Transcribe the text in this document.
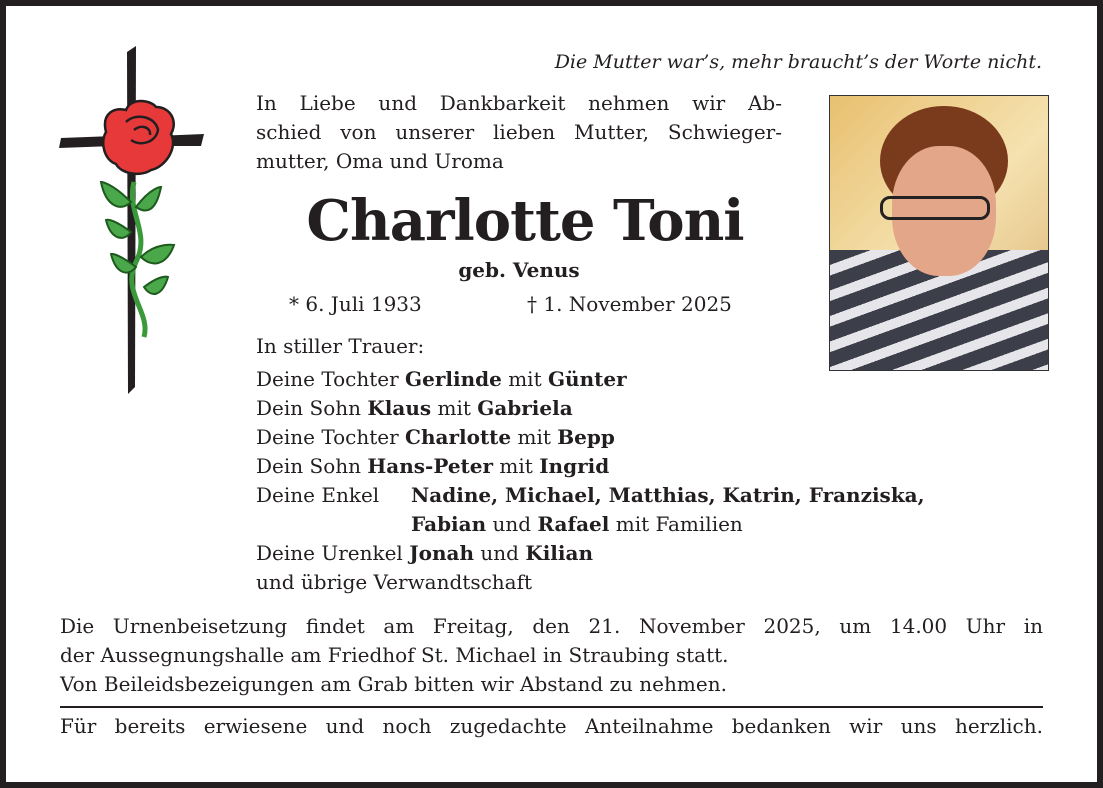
Die Mutter war’s, mehr braucht’s der Worte nicht.
In Liebe und Dankbarkeit nehmen wir Ab-
schied von unserer lieben Mutter, Schwieger-
mutter, Oma und Uroma
Charlotte Toni
geb. Venus
* 6. Juli 1933	† 1. November 2025
In stiller Trauer:
Deine Tochter Gerlinde mit Günter
Dein Sohn Klaus mit Gabriela
Deine Tochter Charlotte mit Bepp
Dein Sohn Hans-Peter mit Ingrid
Deine Enkel Nadine, Michael, Matthias, Katrin, Franziska,
Fabian und Rafael mit Familien
Deine Urenkel Jonah und Kilian
und übrige Verwandtschaft
Die Urnenbeisetzung findet am Freitag, den 21. November 2025, um 14.00 Uhr in
der Aussegnungshalle am Friedhof St. Michael in Straubing statt.
Von Beileidsbezeigungen am Grab bitten wir Abstand zu nehmen.
Für bereits erwiesene und noch zugedachte Anteilnahme bedanken wir uns herzlich.
